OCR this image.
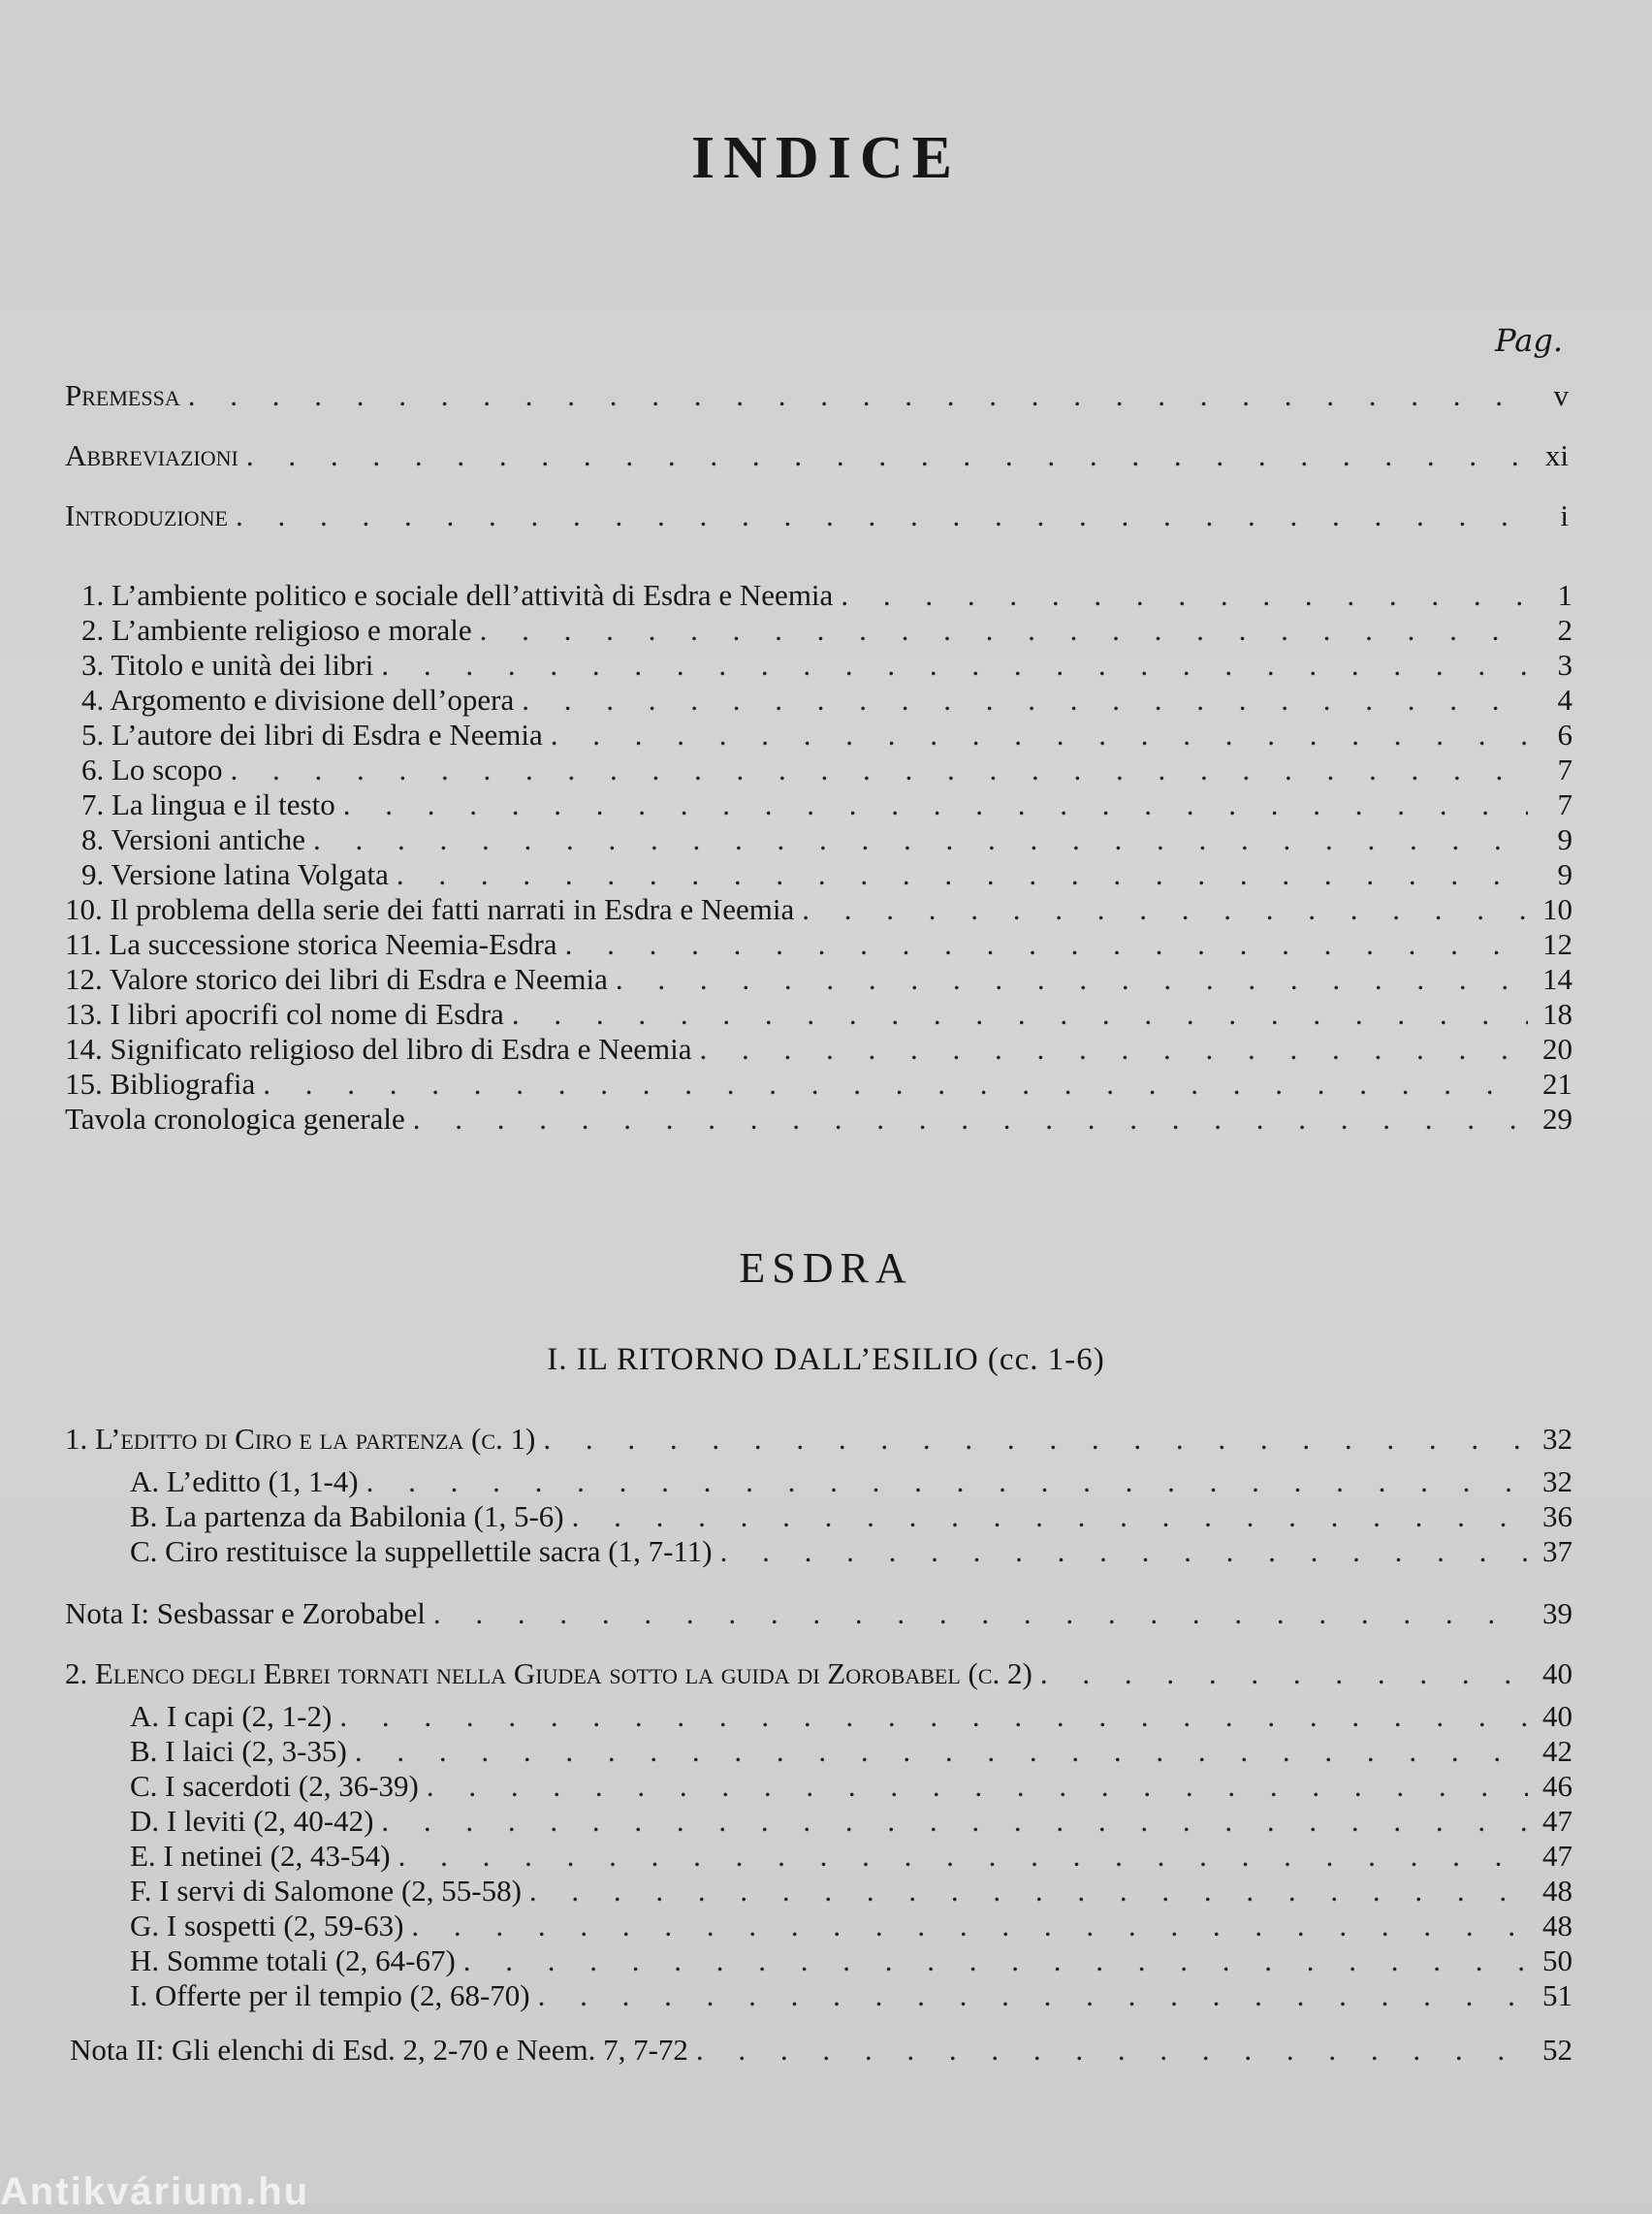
INDICE
Pag.
Premessa . . .	v
Abbreviazioni . . .	xi
Introduzione . . .	i
1. L’ambiente politico e sociale dell’attività di Esdra e Neemia . . .	1
2. L’ambiente religioso e morale . . .	2
3. Titolo e unità dei libri . . .	3
4. Argomento e divisione dell’opera . . .	4
5. L’autore dei libri di Esdra e Neemia . . .	6
6. Lo scopo . . .	7
7. La lingua e il testo . . .	7
8. Versioni antiche . . .	9
9. Versione latina Volgata . . .	9
10. Il problema della serie dei fatti narrati in Esdra e Neemia . . .	10
11. La successione storica Neemia-Esdra . . .	12
12. Valore storico dei libri di Esdra e Neemia . . .	14
13. I libri apocrifi col nome di Esdra . . .	18
14. Significato religioso del libro di Esdra e Neemia . . .	20
15. Bibliografia . . .	21
Tavola cronologica generale . . .	29
ESDRA
I. IL RITORNO DALL’ESILIO (cc. 1-6)
1. L’editto di Ciro e la partenza (c. 1) . . .	32
A. L’editto (1, 1-4) . . .	32
B. La partenza da Babilonia (1, 5-6) . . .	36
C. Ciro restituisce la suppellettile sacra (1, 7-11) . . .	37
Nota I: Sesbassar e Zorobabel . . .	39
2. Elenco degli Ebrei tornati nella Giudea sotto la guida di Zorobabel (c. 2) . . .	40
A. I capi (2, 1-2) . . .	40
B. I laici (2, 3-35) . . .	42
C. I sacerdoti (2, 36-39) . . .	46
D. I leviti (2, 40-42) . . .	47
E. I netinei (2, 43-54) . . .	47
F. I servi di Salomone (2, 55-58) . . .	48
G. I sospetti (2, 59-63) . . .	48
H. Somme totali (2, 64-67) . . .	50
I. Offerte per il tempio (2, 68-70) . . .	51
Nota II: Gli elenchi di Esd. 2, 2-70 e Neem. 7, 7-72 . . .	52
Antikvárium.hu
